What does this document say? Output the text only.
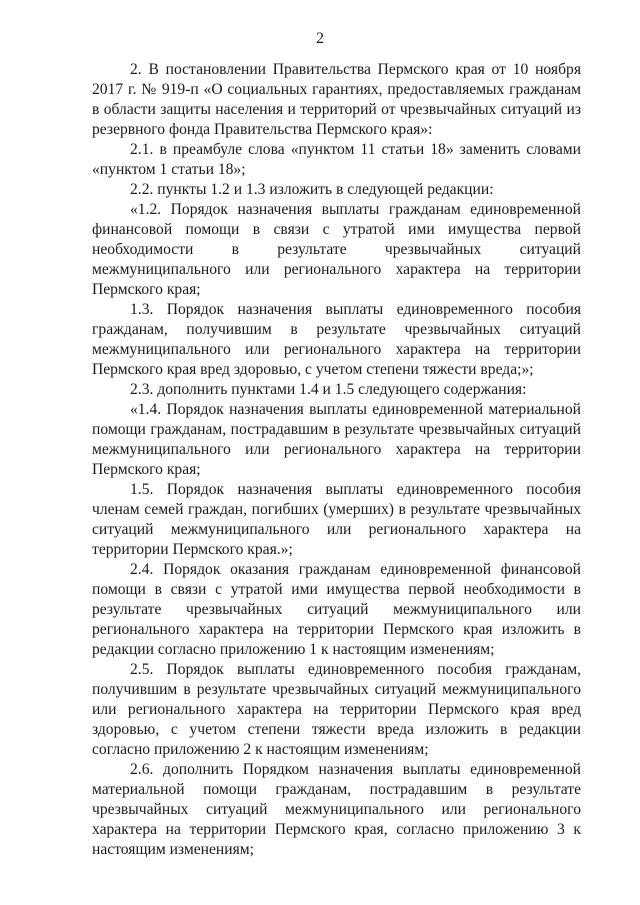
2

2. В постановлении Правительства Пермского края от 10 ноября 2017 г. № 919-п «О социальных гарантиях, предоставляемых гражданам в области защиты населения и территорий от чрезвычайных ситуаций из резервного фонда Правительства Пермского края»:

2.1. в преамбуле слова «пунктом 11 статьи 18» заменить словами «пунктом 1 статьи 18»;

2.2. пункты 1.2 и 1.3 изложить в следующей редакции:

«1.2. Порядок назначения выплаты гражданам единовременной финансовой помощи в связи с утратой ими имущества первой необходимости в результате чрезвычайных ситуаций межмуниципального или регионального характера на территории Пермского края;

1.3. Порядок назначения выплаты единовременного пособия гражданам, получившим в результате чрезвычайных ситуаций межмуниципального или регионального характера на территории Пермского края вред здоровью, с учетом степени тяжести вреда;»;

2.3. дополнить пунктами 1.4 и 1.5 следующего содержания:

«1.4. Порядок назначения выплаты единовременной материальной помощи гражданам, пострадавшим в результате чрезвычайных ситуаций межмуниципального или регионального характера на территории Пермского края;

1.5. Порядок назначения выплаты единовременного пособия членам семей граждан, погибших (умерших) в результате чрезвычайных ситуаций межмуниципального или регионального характера на территории Пермского края.»;

2.4. Порядок оказания гражданам единовременной финансовой помощи в связи с утратой ими имущества первой необходимости в результате чрезвычайных ситуаций межмуниципального или регионального характера на территории Пермского края изложить в редакции согласно приложению 1 к настоящим изменениям;

2.5. Порядок выплаты единовременного пособия гражданам, получившим в результате чрезвычайных ситуаций межмуниципального или регионального характера на территории Пермского края вред здоровью, с учетом степени тяжести вреда изложить в редакции согласно приложению 2 к настоящим изменениям;

2.6. дополнить Порядком назначения выплаты единовременной материальной помощи гражданам, пострадавшим в результате чрезвычайных ситуаций межмуниципального или регионального характера на территории Пермского края, согласно приложению 3 к настоящим изменениям;
